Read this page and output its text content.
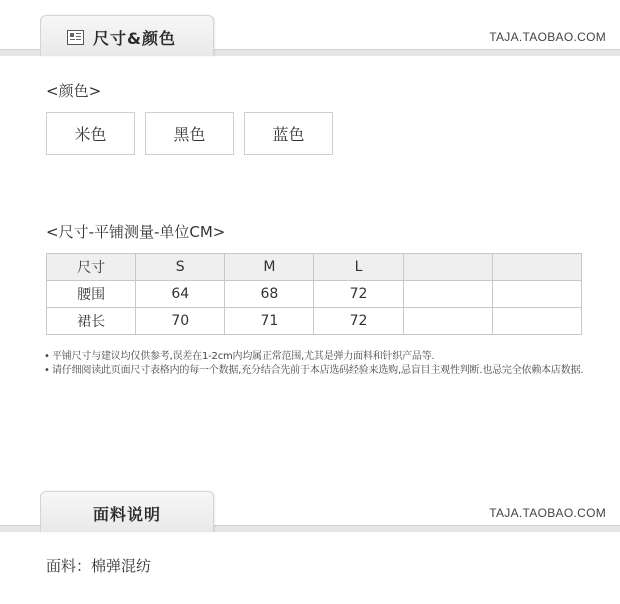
尺寸&颜色	TAJA.TAOBAO.COM
<颜色>
米色	黑色	蓝色
<尺寸-平铺测量-单位CM>
尺寸	S	M	L		
腰围	64	68	72		
裙长	70	71	72		
• 平铺尺寸与建议均仅供参考,误差在1-2cm内均属正常范围,尤其是弹力面料和针织产品等.
• 请仔细阅读此页面尺寸表格内的每一个数据,充分结合先前于本店选码经验来选购,忌盲目主观性判断.也忌完全依赖本店数据.
面料说明	TAJA.TAOBAO.COM
面料：棉弹混纺
